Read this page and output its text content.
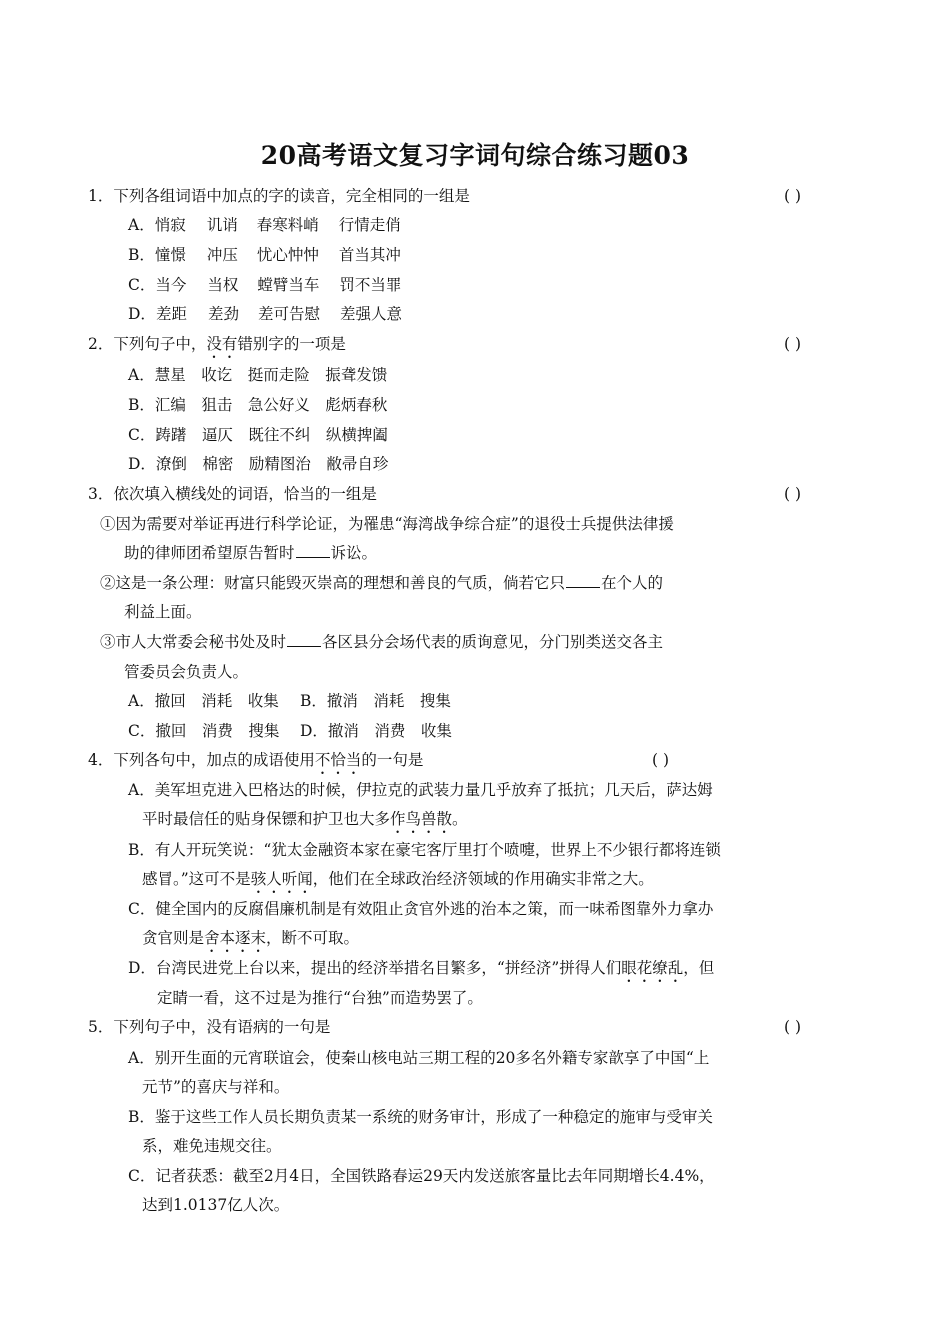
20高考语文复习字词句综合练习题03
1．下列各组词语中加点的字的读音，完全相同的一组是	( )
A．悄寂 讥诮 春寒料峭 行情走俏
B．憧憬 冲压 忧心忡忡 首当其冲
C．当今 当权 螳臂当车 罚不当罪
D．差距 差劲 差可告慰 差强人意
2．下列句子中，没有错别字的一项是	( )
A．慧星　收讫　挺而走险　振聋发馈
B．汇编　狙击　急公好义　彪炳春秋
C．踌躇　逼仄　既往不纠　纵横捭阖
D．潦倒　棉密　励精图治　敝帚自珍
3．依次填入横线处的词语，恰当的一组是	( )
①因为需要对举证再进行科学论证，为罹患“海湾战争综合症”的退役士兵提供法律援
助的律师团希望原告暂时 诉讼。
②这是一条公理：财富只能毁灭崇高的理想和善良的气质，倘若它只 在个人的
利益上面。
③市人大常委会秘书处及时 各区县分会场代表的质询意见，分门别类送交各主
管委员会负责人。
A．撤回　消耗　收集 B．撤消　消耗　搜集
C．撤回　消费　搜集 D．撤消　消费　收集
4．下列各句中，加点的成语使用不恰当的一句是	( )
A．美军坦克进入巴格达的时候，伊拉克的武装力量几乎放弃了抵抗；几天后，萨达姆
平时最信任的贴身保镖和护卫也大多作鸟兽散。
B．有人开玩笑说：“犹太金融资本家在豪宅客厅里打个喷嚏，世界上不少银行都将连锁
感冒。”这可不是骇人听闻，他们在全球政治经济领域的作用确实非常之大。
C．健全国内的反腐倡廉机制是有效阻止贪官外逃的治本之策，而一味希图靠外力拿办
贪官则是舍本逐末，断不可取。
D．台湾民进党上台以来，提出的经济举措名目繁多，“拼经济”拼得人们眼花缭乱，但
定睛一看，这不过是为推行“台独”而造势罢了。
5．下列句子中，没有语病的一句是	( )
A．别开生面的元宵联谊会，使秦山核电站三期工程的20多名外籍专家歆享了中国“上
元节”的喜庆与祥和。
B．鉴于这些工作人员长期负责某一系统的财务审计，形成了一种稳定的施审与受审关
系，难免违规交往。
C．记者获悉：截至2月4日，全国铁路春运29天内发送旅客量比去年同期增长4.4%，
达到1.0137亿人次。
